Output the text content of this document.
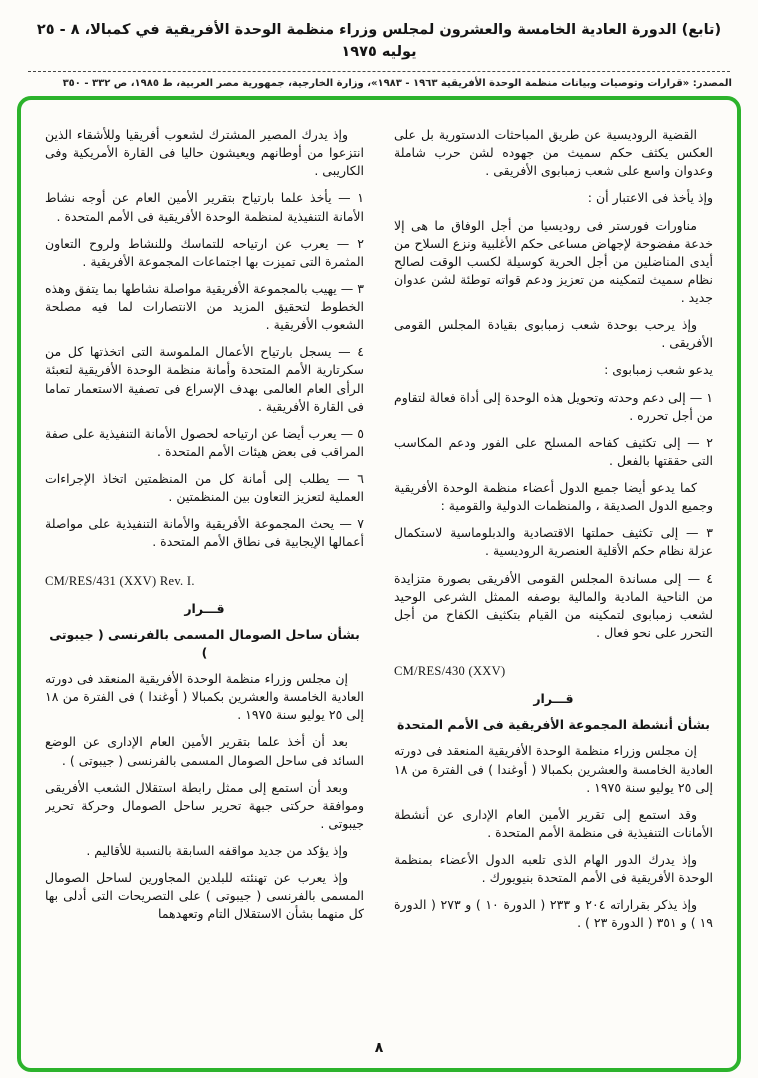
(تابع) الدورة العادية الخامسة والعشرون لمجلس وزراء منظمة الوحدة الأفريقية في كمبالا، ٨ - ٢٥ يوليه ١٩٧٥
المصدر: «قرارات وتوصيات وبيانات منظمة الوحدة الأفريقية ١٩٦٣ - ١٩٨٣»، وزارة الخارجية، جمهورية مصر العربية، ط ١٩٨٥، ص ٣٣٢ - ٣٥٠

القضية الروديسية عن طريق المباحثات الدستورية بل على العكس يكثف حكم سميث من جهوده لشن حرب شاملة وعدوان واسع على شعب زمبابوى الأفريقى .

وإذ يأخذ فى الاعتبار أن :

مناورات فورستر فى روديسيا من أجل الوفاق ما هى إلا خدعة مفضوحة لإجهاض مساعى حكم الأغلبية ونزع السلاح من أيدى المناضلين من أجل الحرية كوسيلة لكسب الوقت لصالح نظام سميث لتمكينه من تعزيز ودعم قواته توطئة لشن عدوان جديد .

وإذ يرحب بوحدة شعب زمبابوى بقيادة المجلس القومى الأفريقى .

يدعو شعب زمبابوى :

١ — إلى دعم وحدته وتحويل هذه الوحدة إلى أداة فعالة لتقاوم من أجل تحرره .

٢ — إلى تكثيف كفاحه المسلح على الفور ودعم المكاسب التى حققتها بالفعل .

كما يدعو أيضا جميع الدول أعضاء منظمة الوحدة الأفريقية وجميع الدول الصديقة ، والمنظمات الدولية والقومية :

٣ — إلى تكثيف حملتها الاقتصادية والدبلوماسية لاستكمال عزلة نظام حكم الأقلية العنصرية الروديسية .

٤ — إلى مساندة المجلس القومى الأفريقى بصورة متزايدة من الناحية المادية والمالية بوصفه الممثل الشرعى الوحيد لشعب زمبابوى لتمكينه من القيام بتكثيف الكفاح من أجل التحرر على نحو فعال .

CM/RES/430 (XXV)

قـــرار

بشأن أنشطة المجموعة الأفريقية فى الأمم المتحدة

إن مجلس وزراء منظمة الوحدة الأفريقية المنعقد فى دورته العادية الخامسة والعشرين بكمبالا ( أوغندا ) فى الفترة من ١٨ إلى ٢٥ يوليو سنة ١٩٧٥ .

وقد استمع إلى تقرير الأمين العام الإدارى عن أنشطة الأمانات التنفيذية فى منظمة الأمم المتحدة .

وإذ يدرك الدور الهام الذى تلعبه الدول الأعضاء بمنظمة الوحدة الأفريقية فى الأمم المتحدة بنيويورك .

وإذ يذكر بقراراته ٢٠٤ و ٢٣٣ ( الدورة ١٠ ) و ٢٧٣ ( الدورة ١٩ ) و ٣٥١ ( الدورة ٢٣ ) .

وإذ يدرك المصير المشترك لشعوب أفريقيا وللأشقاء الذين انتزعوا من أوطانهم ويعيشون حاليا فى القارة الأمريكية وفى الكاريبى .

١ — يأخذ علما بارتياح بتقرير الأمين العام عن أوجه نشاط الأمانة التنفيذية لمنظمة الوحدة الأفريقية فى الأمم المتحدة .

٢ — يعرب عن ارتياحه للتماسك وللنشاط ولروح التعاون المثمرة التى تميزت بها اجتماعات المجموعة الأفريقية .

٣ — يهيب بالمجموعة الأفريقية مواصلة نشاطها بما يتفق وهذه الخطوط لتحقيق المزيد من الانتصارات لما فيه مصلحة الشعوب الأفريقية .

٤ — يسجل بارتياح الأعمال الملموسة التى اتخذتها كل من سكرتارية الأمم المتحدة وأمانة منظمة الوحدة الأفريقية لتعبئة الرأى العام العالمى بهدف الإسراع فى تصفية الاستعمار تماما فى القارة الأفريقية .

٥ — يعرب أيضا عن ارتياحه لحصول الأمانة التنفيذية على صفة المراقب فى بعض هيئات الأمم المتحدة .

٦ — يطلب إلى أمانة كل من المنظمتين اتخاذ الإجراءات العملية لتعزيز التعاون بين المنظمتين .

٧ — يحث المجموعة الأفريقية والأمانة التنفيذية على مواصلة أعمالها الإيجابية فى نطاق الأمم المتحدة .

CM/RES/431 (XXV) Rev. I.

قـــرار

بشأن ساحل الصومال المسمى بالفرنسى ( جيبوتى )

إن مجلس وزراء منظمة الوحدة الأفريقية المنعقد فى دورته العادية الخامسة والعشرين بكمبالا ( أوغندا ) فى الفترة من ١٨ إلى ٢٥ يوليو سنة ١٩٧٥ .

بعد أن أخذ علما بتقرير الأمين العام الإدارى عن الوضع السائد فى ساحل الصومال المسمى بالفرنسى ( جيبوتى ) .

وبعد أن استمع إلى ممثل رابطة استقلال الشعب الأفريقى وموافقة حركتى جبهة تحرير ساحل الصومال وحركة تحرير جيبوتى .

وإذ يؤكد من جديد مواقفه السابقة بالنسبة للأقاليم .

وإذ يعرب عن تهنئته للبلدين المجاورين لساحل الصومال المسمى بالفرنسى ( جيبوتى ) على التصريحات التى أدلى بها كل منهما بشأن الاستقلال التام وتعهدهما

٨
